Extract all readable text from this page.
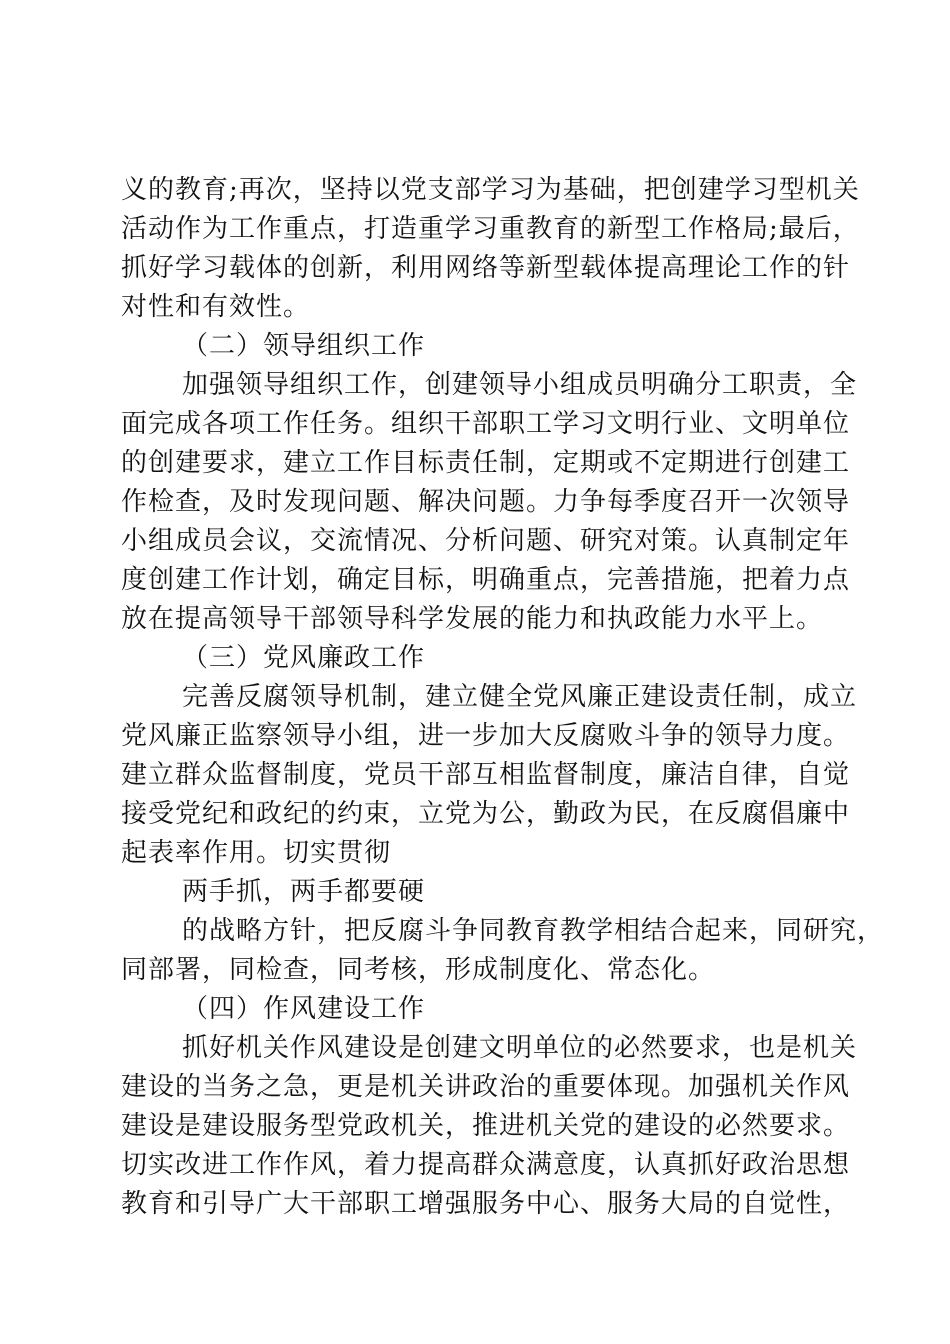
义的教育;再次，坚持以党支部学习为基础，把创建学习型机关
活动作为工作重点，打造重学习重教育的新型工作格局;最后，
抓好学习载体的创新，利用网络等新型载体提高理论工作的针
对性和有效性。
（二）领导组织工作
加强领导组织工作，创建领导小组成员明确分工职责，全
面完成各项工作任务。组织干部职工学习文明行业、文明单位
的创建要求，建立工作目标责任制，定期或不定期进行创建工
作检查，及时发现问题、解决问题。力争每季度召开一次领导
小组成员会议，交流情况、分析问题、研究对策。认真制定年
度创建工作计划，确定目标，明确重点，完善措施，把着力点
放在提高领导干部领导科学发展的能力和执政能力水平上。
（三）党风廉政工作
完善反腐领导机制，建立健全党风廉正建设责任制，成立
党风廉正监察领导小组，进一步加大反腐败斗争的领导力度。
建立群众监督制度，党员干部互相监督制度，廉洁自律，自觉
接受党纪和政纪的约束，立党为公，勤政为民，在反腐倡廉中
起表率作用。切实贯彻
两手抓，两手都要硬
的战略方针，把反腐斗争同教育教学相结合起来，同研究，
同部署，同检查，同考核，形成制度化、常态化。
（四）作风建设工作
抓好机关作风建设是创建文明单位的必然要求，也是机关
建设的当务之急，更是机关讲政治的重要体现。加强机关作风
建设是建设服务型党政机关，推进机关党的建设的必然要求。
切实改进工作作风，着力提高群众满意度，认真抓好政治思想
教育和引导广大干部职工增强服务中心、服务大局的自觉性，
